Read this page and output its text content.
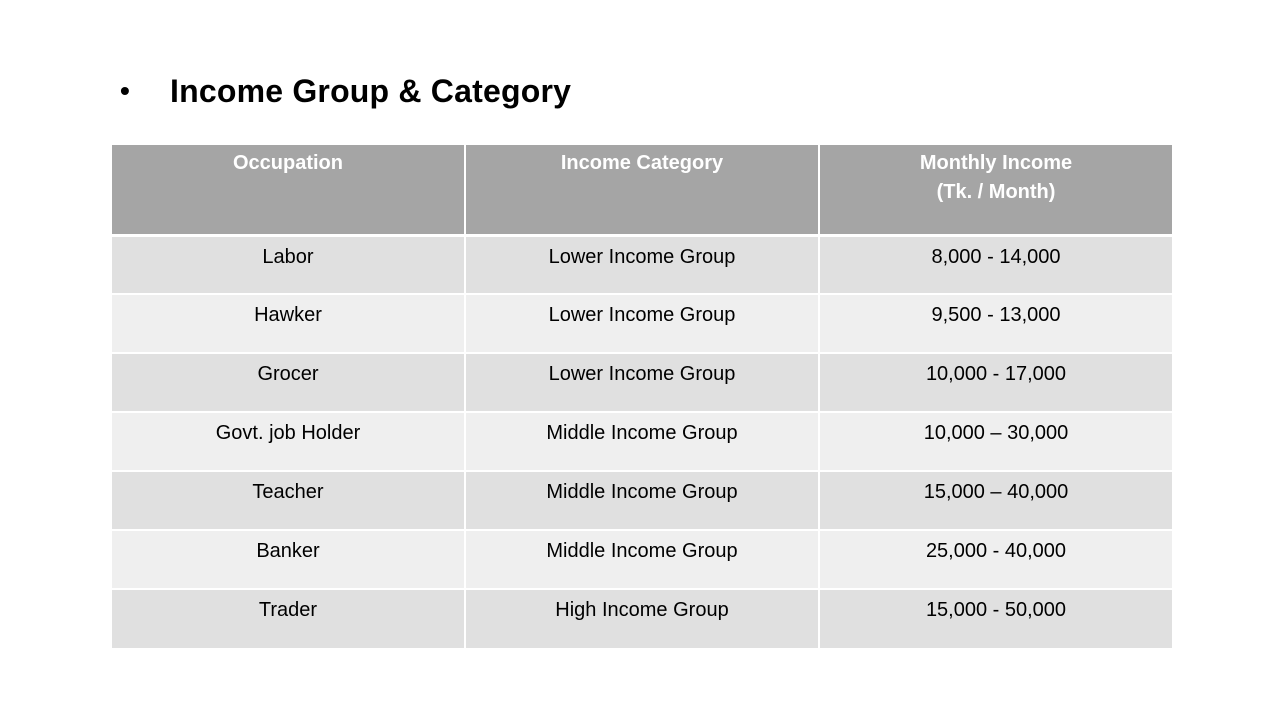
•	Income Group & Category
Occupation	Income Category	Monthly Income
(Tk. / Month)

Labor	Lower Income Group	8,000 - 14,000
Hawker	Lower Income Group	9,500 - 13,000
Grocer	Lower Income Group	10,000 - 17,000
Govt. job Holder	Middle Income Group	10,000 – 30,000
Teacher	Middle Income Group	15,000 – 40,000
Banker	Middle Income Group	25,000 - 40,000
Trader	High Income Group	15,000 - 50,000
